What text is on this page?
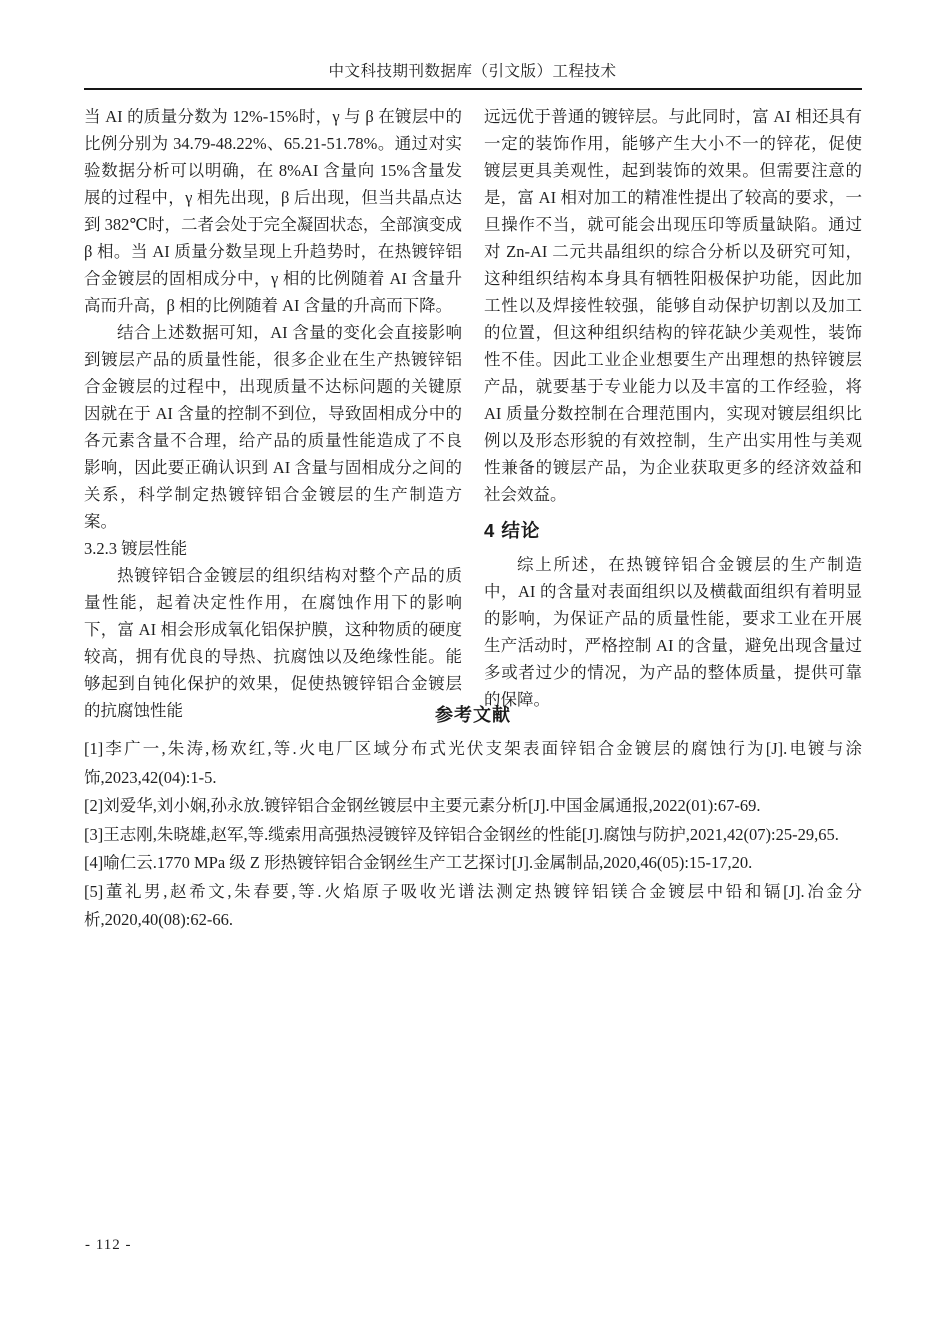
中文科技期刊数据库（引文版）工程技术

当 AI 的质量分数为 12%-15%时，γ 与 β 在镀层中的比例分别为 34.79-48.22%、65.21-51.78%。通过对实验数据分析可以明确，在 8%AI 含量向 15%含量发展的过程中，γ 相先出现，β 后出现，但当共晶点达到 382℃时，二者会处于完全凝固状态，全部演变成 β 相。当 AI 质量分数呈现上升趋势时，在热镀锌铝合金镀层的固相成分中，γ 相的比例随着 AI 含量升高而升高，β 相的比例随着 AI 含量的升高而下降。

结合上述数据可知，AI 含量的变化会直接影响到镀层产品的质量性能，很多企业在生产热镀锌铝合金镀层的过程中，出现质量不达标问题的关键原因就在于 AI 含量的控制不到位，导致固相成分中的各元素含量不合理，给产品的质量性能造成了不良影响，因此要正确认识到 AI 含量与固相成分之间的关系，科学制定热镀锌铝合金镀层的生产制造方案。

3.2.3 镀层性能

热镀锌铝合金镀层的组织结构对整个产品的质量性能，起着决定性作用，在腐蚀作用下的影响下，富 AI 相会形成氧化铝保护膜，这种物质的硬度较高，拥有优良的导热、抗腐蚀以及绝缘性能。能够起到自钝化保护的效果，促使热镀锌铝合金镀层的抗腐蚀性能

远远优于普通的镀锌层。与此同时，富 AI 相还具有一定的装饰作用，能够产生大小不一的锌花，促使镀层更具美观性，起到装饰的效果。但需要注意的是，富 AI 相对加工的精准性提出了较高的要求，一旦操作不当，就可能会出现压印等质量缺陷。通过对 Zn-AI 二元共晶组织的综合分析以及研究可知，这种组织结构本身具有牺牲阳极保护功能，因此加工性以及焊接性较强，能够自动保护切割以及加工的位置，但这种组织结构的锌花缺少美观性，装饰性不佳。因此工业企业想要生产出理想的热锌镀层产品，就要基于专业能力以及丰富的工作经验，将 AI 质量分数控制在合理范围内，实现对镀层组织比例以及形态形貌的有效控制，生产出实用性与美观性兼备的镀层产品，为企业获取更多的经济效益和社会效益。

4 结论

综上所述，在热镀锌铝合金镀层的生产制造中，AI 的含量对表面组织以及横截面组织有着明显的影响，为保证产品的质量性能，要求工业在开展生产活动时，严格控制 AI 的含量，避免出现含量过多或者过少的情况，为产品的整体质量，提供可靠的保障。

参考文献

[1]李广一,朱涛,杨欢红,等.火电厂区域分布式光伏支架表面锌铝合金镀层的腐蚀行为[J].电镀与涂饰,2023,42(04):1-5.

[2]刘爱华,刘小娴,孙永放.镀锌铝合金钢丝镀层中主要元素分析[J].中国金属通报,2022(01):67-69.

[3]王志刚,朱晓雄,赵军,等.缆索用高强热浸镀锌及锌铝合金钢丝的性能[J].腐蚀与防护,2021,42(07):25-29,65.

[4]喻仁云.1770 MPa 级 Z 形热镀锌铝合金钢丝生产工艺探讨[J].金属制品,2020,46(05):15-17,20.

[5]董礼男,赵希文,朱春要,等.火焰原子吸收光谱法测定热镀锌铝镁合金镀层中铅和镉[J].冶金分析,2020,40(08):62-66.

- 112 -
